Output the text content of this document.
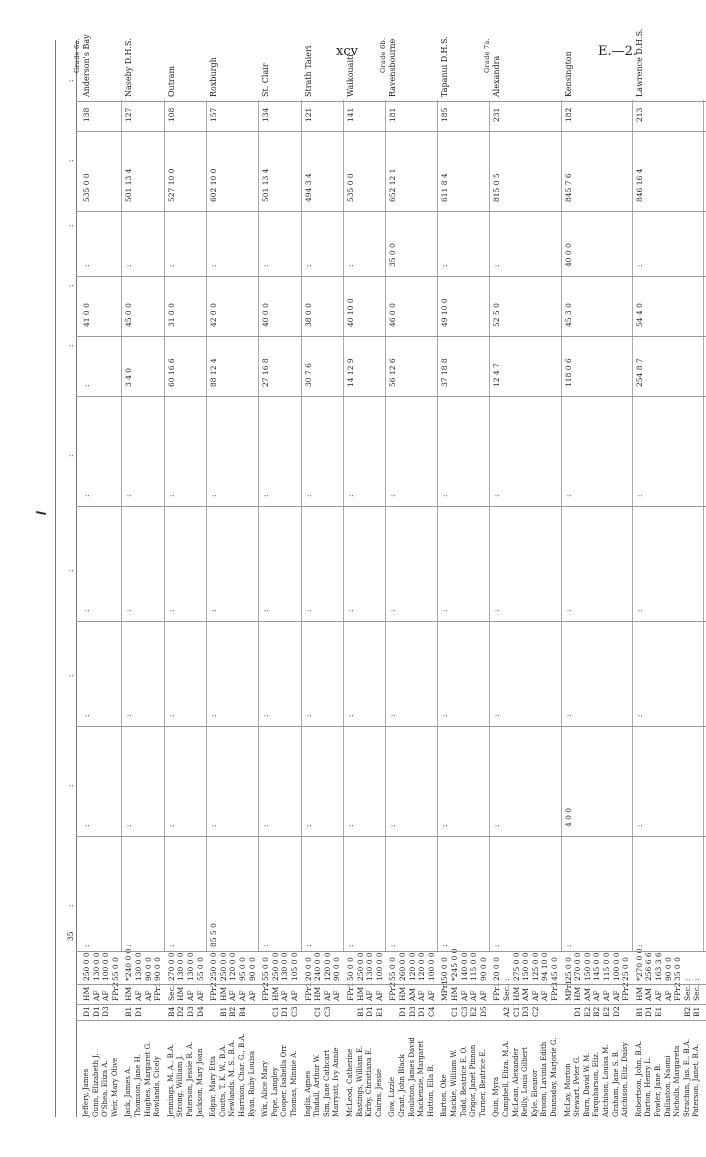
xcv	E.—2.
:
:
:
:
:
:
:
:
:
:
35
Jeffery, James
D1
HM
250 0 0
:
:
:
:
:
:
41 0 0
:
535 0 0
138
Gunn, Elizabeth J.
D1
AF
130 0 0
O'Shea, Eliza A.
D3
AF
100 0 0
Weir, Mary Olive
FPr2
55 0 0
Grade 6a. Anderson's Bay
Jack, James A.
B1
HM
*240 0 0
:
:
:
:
:
3 4 0
45 0 0
:
501 13 4
127
Thomson, Jane H.
D1
AF
130 0 0
Hughes, Margaret G.
AF
90 0 0
Rowlands, Cicely
FPr1
90 0 0
Naseby D.H.S.
Jennings, M. A., B.A.
B4
Sec.
270 0 0
:
:
:
:
:
60 16 6
31 0 0
:
527 10 0
108
Strong, William J.
D2
HM
130 0 0
Paterson, Jessie R. A.
D3
AF
130 0 0
Jackson, Mary Joan
D4
AF
55 0 0
Outram
Edgar, Mary Etta
FPr2
250 0 0
85 5 0
:
:
:
:
88 12 4
42 0 0
:
602 10 0
157
Coutts, T. K. W., B.A.
B1
HM
250 0 0
Newlands, M. S., B.A.
B2
AF
120 0 0
Harrison, Char. G., B.A.
B4
AF
95 0 0
Ryan, Ruby Louisa
AF
90 0 0
Roxburgh
Wix, Alice Mary
FPr2
55 0 0
:
:
:
:
:
27 16 8
40 0 0
:
501 13 4
134
Pope, Langley
C1
HM
250 0 0
Cooper, Isabella Orr
D1
AF
130 0 0
Thomas, Minnie A.
C3
AF
105 0 0
St. Clair
Inglis, Agnes
FPr1
20 0 0
:
:
:
:
:
30 7 6
38 0 0
:
494 3 4
121
Tindall, Arthur W.
C1
HM
240 0 0
Sim, Jane Cathcart
C3
AF
120 0 0
Marryatt, Ivy Annie
AF
90 0 0
Strath Taieri
McLeod, Catherine
FPr1
50 0 0
:
:
:
:
:
14 12 9
40 10 0
:
535 0 0
141
Bastings, William E.
B1
HM
250 0 0
Kirby, Christiana E.
D1
AF
130 0 0
Cairns, Jessie
E1
AF
100 0 0
Waikouaiti
Gow, Lizzie
FPr2
55 0 0
:
:
:
:
:
56 12 6
46 0 0
35 0 0
652 12 1
181
Grant, John Black
D1
HM
260 0 0
Roulston, James David
D3
AM
120 0 0
Mackenzie, Margaret
D1
AF
120 0 0
Hutton, Ella B.
C4
AF
100 0 0
Grade 6b. Ravensbourne
Barton, Oke
MPr1
50 0 0
:
:
:
:
:
37 18 8
49 10 0
:
611 8 4
185
Mackie, William W.
C1
HM
*245 0 0
Todd, Beatrice E. O.
C3
AF
140 0 0
Grigor, Janet Pinnon
E2
AF
115 0 0
Turner, Beatrice E.
D5
AF
90 0 0
Tapanui D.H.S.
Quin, Myra
FPr1
20 0 0
:
:
:
:
:
12 4 7
52 5 0
:
815 0 5
231
Campbell, Eliza, M.A.
A2
Sec.
:
McLean, Alexander
C1
HM
275 0 0
Reilly, Louis Gilbert
D3
AM
150 0 0
Kyle, Eleanor
C2
AF
125 0 0
Broom, Lavinia Edith
AF
94 10 0
Dunnsday, Marjorie G.
FPr3
45 0 0
Grade 7a.
Alexandra
McLay, Morton
MPr1
25 0 0
:
4 0 0
:
:
:
118 0 6
45 3 0
40 0 0
845 7 6
182
Stewart, Peter G.
D1
HM
270 0 0
Burn, David W. M.
E2
AM
150 0 0
Farquharson, Eliz.
B2
AF
145 0 0
Aitchison, Louisa M.
E2
AF
115 0 0
Graham, Jane S. B.
D2
AF
100 0 0
Aitchison, Eliz. Daisy
FPr2
25 0 0
Kensington
Robertson, John, B.A.
B1
HM
*270 0 0
:
:
:
:
:
254 8 7
54 4 0
:
846 16 4
213
Darton, Henry L.
D1
AM
256 6 6
Fowler, Jane B.
E1
AF
163 3 6
Dallaston, Naomi
AF
90 0 0
Nicholls, Margareta
FPr2
35 0 0
Strachan, Jas. E., B.A.
B2
Sec.
:
Paterson, Janet, B.A.
B1
Sec.
:
Lawrence D.H.S.
